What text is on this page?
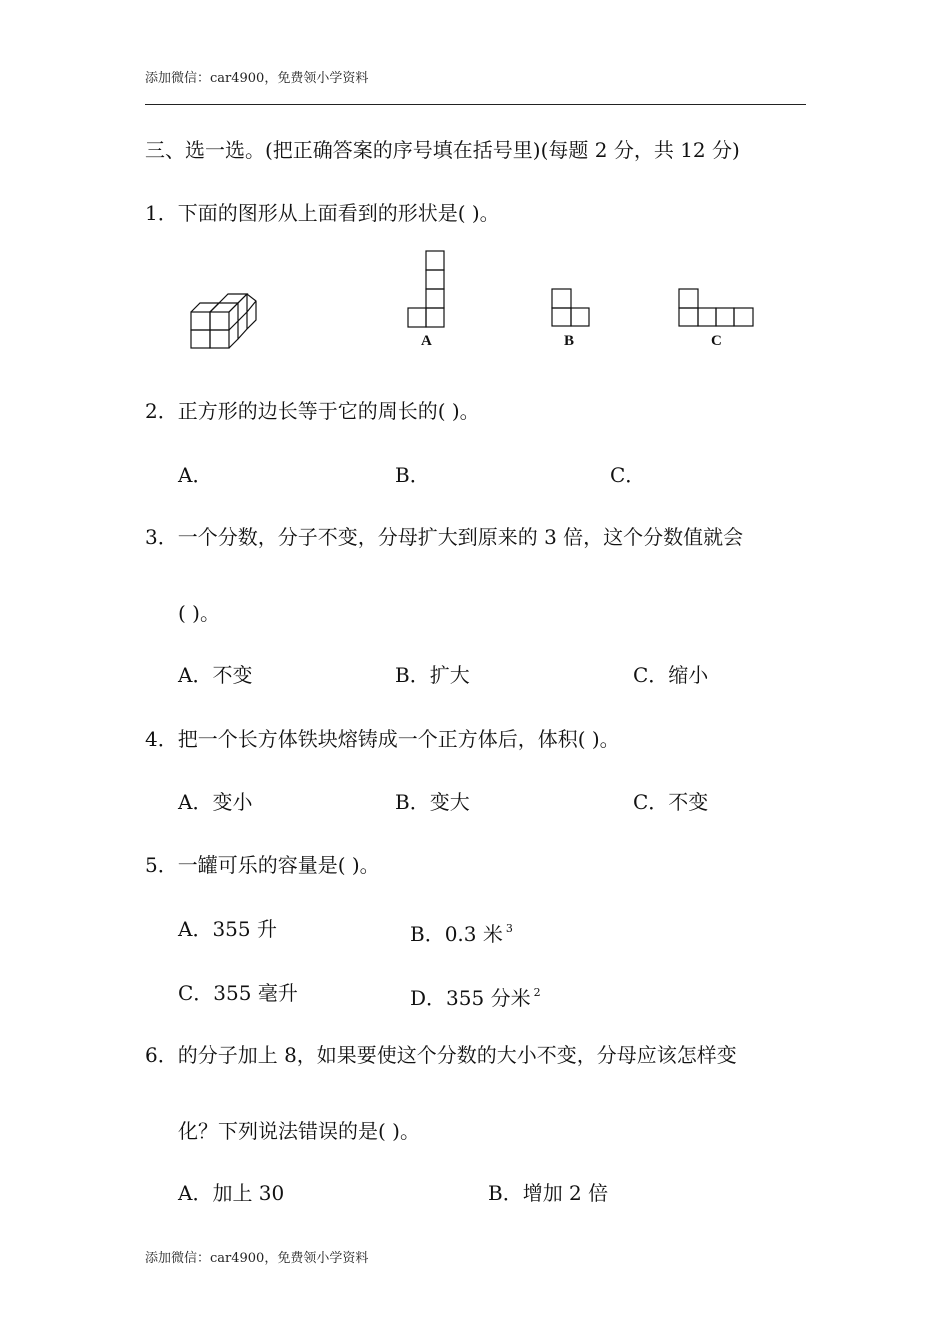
添加微信：car4900，免费领小学资料
三、选一选。(把正确答案的序号填在括号里)(每题 2 分，共 12 分)
1．下面的图形从上面看到的形状是( )。
A	B	C
2．正方形的边长等于它的周长的( )。
A．	B．	C．
3．一个分数，分子不变，分母扩大到原来的 3 倍，这个分数值就会
( )。
A．不变	B．扩大	C．缩小
4．把一个长方体铁块熔铸成一个正方体后，体积( )。
A．变小	B．变大	C．不变
5．一罐可乐的容量是( )。
A．355 升	B．0.3 米 $^3$
C．355 毫升	D．355 分米 $^2$
6．的分子加上 8，如果要使这个分数的大小不变，分母应该怎样变
化？下列说法错误的是( )。
A．加上 30	B．增加 2 倍
添加微信：car4900，免费领小学资料
